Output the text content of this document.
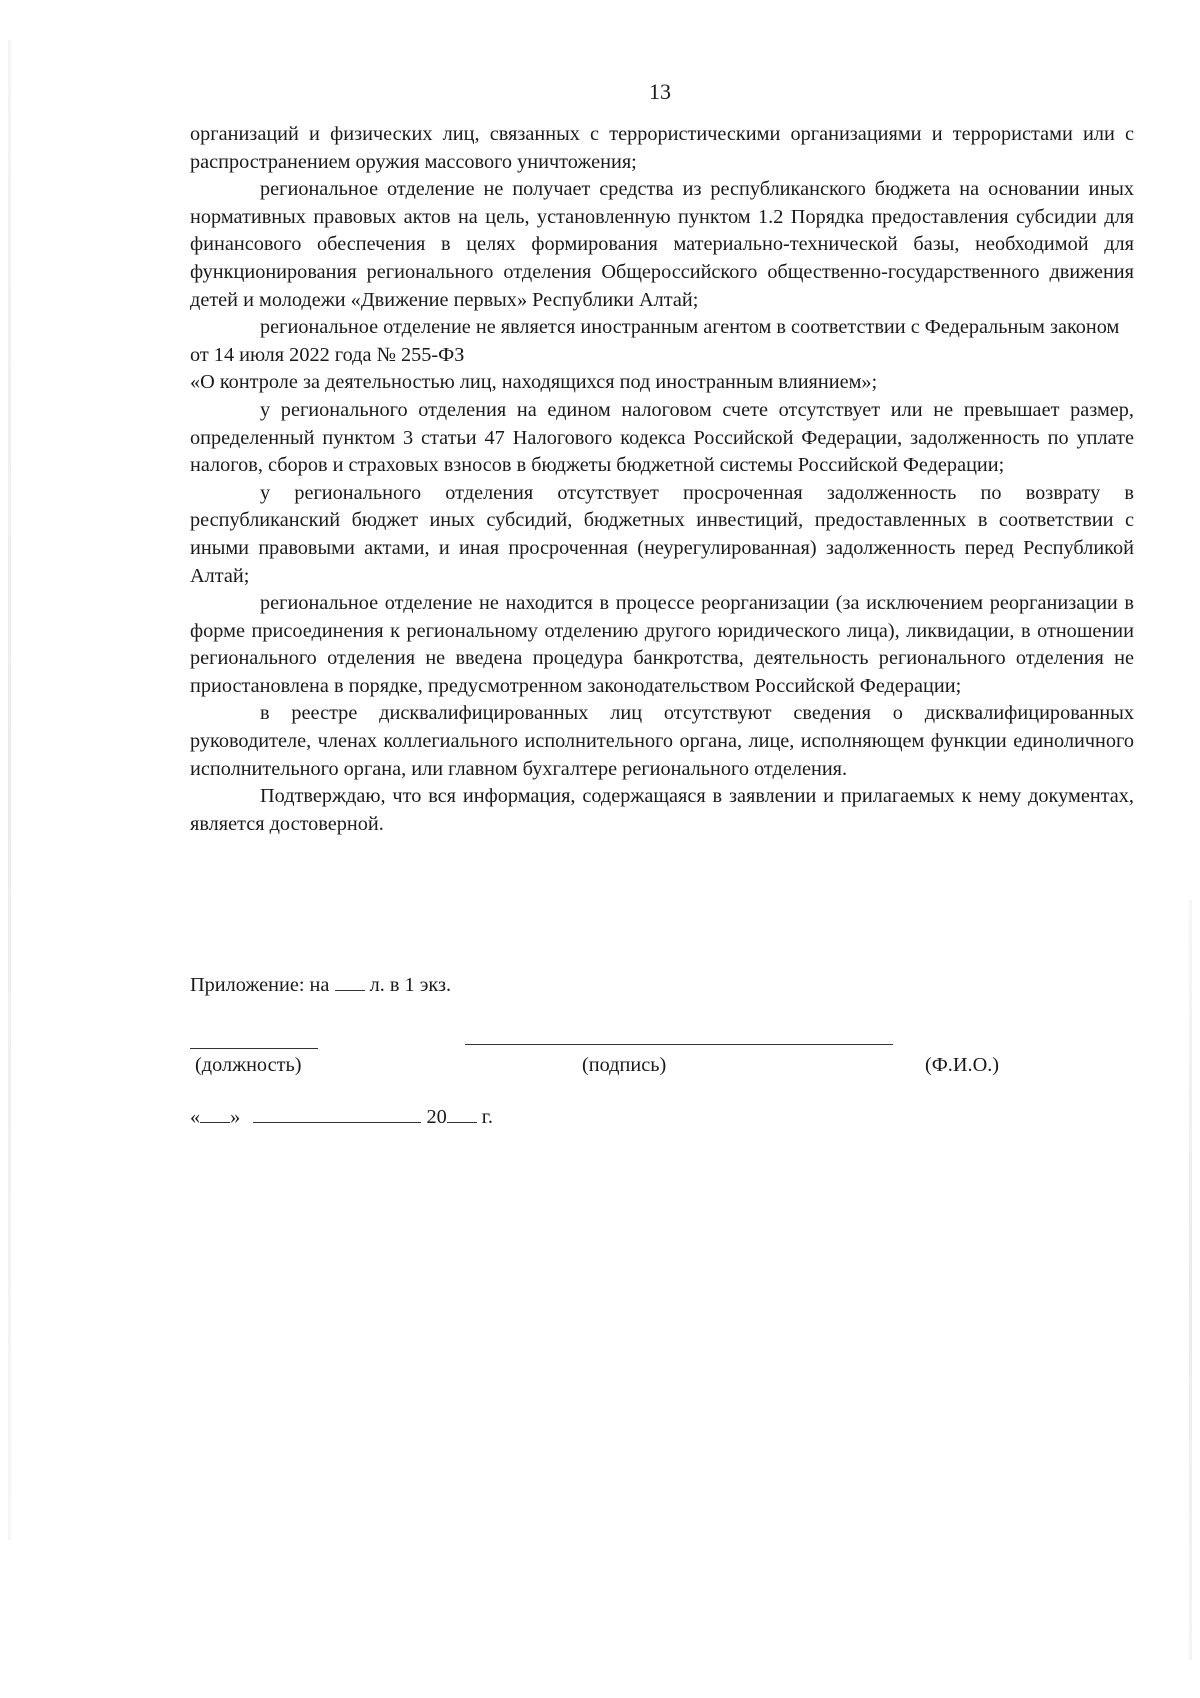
13

организаций и физических лиц, связанных с террористическими организациями и террористами или с распространением оружия массового уничтожения;

региональное отделение не получает средства из республиканского бюджета на основании иных нормативных правовых актов на цель, установленную пунктом 1.2 Порядка предоставления субсидии для финансового обеспечения в целях формирования материально-технической базы, необходимой для функционирования регионального отделения Общероссийского общественно-государственного движения детей и молодежи «Движение первых» Республики Алтай;

региональное отделение не является иностранным агентом в соответствии с Федеральным законом от 14 июля 2022 года № 255-ФЗ

«О контроле за деятельностью лиц, находящихся под иностранным влиянием»;

у регионального отделения на едином налоговом счете отсутствует или не превышает размер, определенный пунктом 3 статьи 47 Налогового кодекса Российской Федерации, задолженность по уплате налогов, сборов и страховых взносов в бюджеты бюджетной системы Российской Федерации;

у регионального отделения отсутствует просроченная задолженность по возврату в республиканский бюджет иных субсидий, бюджетных инвестиций, предоставленных в соответствии с иными правовыми актами, и иная просроченная (неурегулированная) задолженность перед Республикой Алтай;

региональное отделение не находится в процессе реорганизации (за исключением реорганизации в форме присоединения к региональному отделению другого юридического лица), ликвидации, в отношении регионального отделения не введена процедура банкротства, деятельность регионального отделения не приостановлена в порядке, предусмотренном законодательством Российской Федерации;

в реестре дисквалифицированных лиц отсутствуют сведения о дисквалифицированных руководителе, членах коллегиального исполнительного органа, лице, исполняющем функции единоличного исполнительного органа, или главном бухгалтере регионального отделения.

Подтверждаю, что вся информация, содержащаяся в заявлении и прилагаемых к нему документах, является достоверной.

Приложение: на л. в 1 экз.
(должность)	(подпись)	(Ф.И.О.)
« »	20 г.
